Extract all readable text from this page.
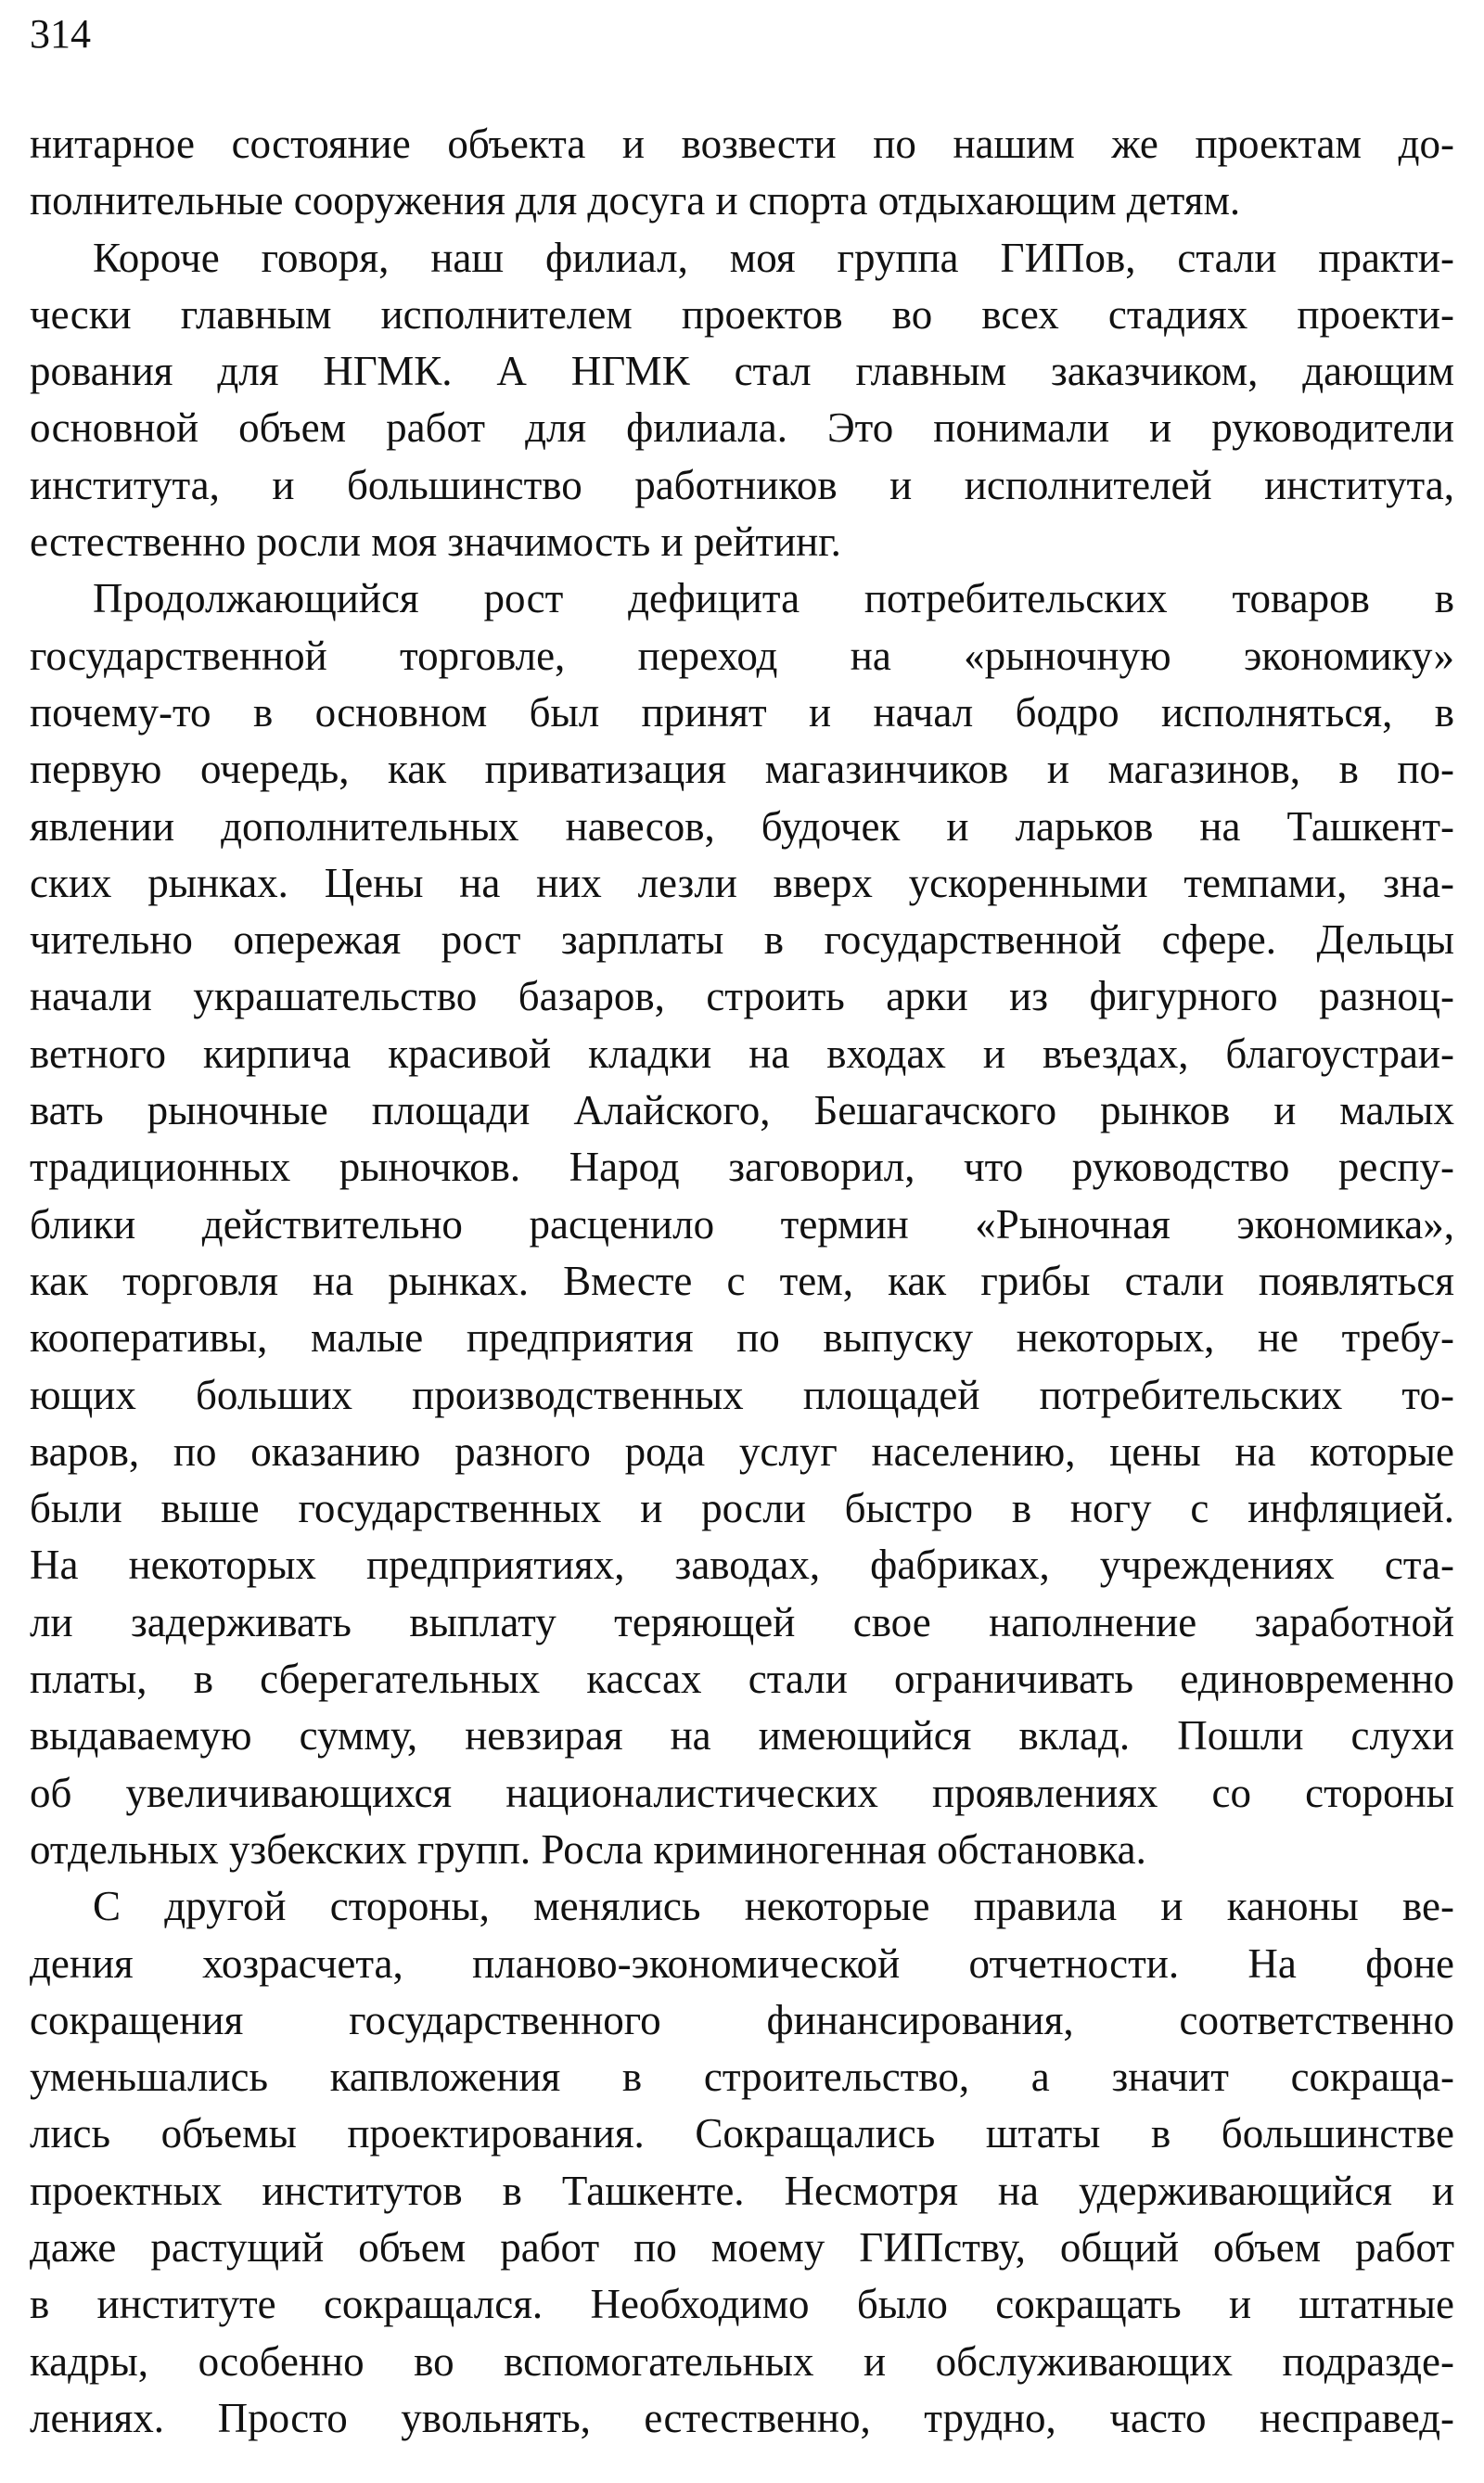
314
нитарное состояние объекта и возвести по нашим же проектам до-
полнительные сооружения для досуга и спорта отдыхающим детям.
Короче говоря, наш филиал, моя группа ГИПов, стали практи-
чески главным исполнителем проектов во всех стадиях проекти-
рования для НГМК. А НГМК стал главным заказчиком, дающим
основной объем работ для филиала. Это понимали и руководители
института, и большинство работников и исполнителей института,
естественно росли моя значимость и рейтинг.
Продолжающийся рост дефицита потребительских товаров в
государственной торговле, переход на «рыночную экономику»
почему-то в основном был принят и начал бодро исполняться, в
первую очередь, как приватизация магазинчиков и магазинов, в по-
явлении дополнительных навесов, будочек и ларьков на Ташкент-
ских рынках. Цены на них лезли вверх ускоренными темпами, зна-
чительно опережая рост зарплаты в государственной сфере. Дельцы
начали украшательство базаров, строить арки из фигурного разноц-
ветного кирпича красивой кладки на входах и въездах, благоустраи-
вать рыночные площади Алайского, Бешагачского рынков и малых
традиционных рыночков. Народ заговорил, что руководство респу-
блики действительно расценило термин «Рыночная экономика»,
как торговля на рынках. Вместе с тем, как грибы стали появляться
кооперативы, малые предприятия по выпуску некоторых, не требу-
ющих больших производственных площадей потребительских то-
варов, по оказанию разного рода услуг населению, цены на которые
были выше государственных и росли быстро в ногу с инфляцией.
На некоторых предприятиях, заводах, фабриках, учреждениях ста-
ли задерживать выплату теряющей свое наполнение заработной
платы, в сберегательных кассах стали ограничивать единовременно
выдаваемую сумму, невзирая на имеющийся вклад. Пошли слухи
об увеличивающихся националистических проявлениях со стороны
отдельных узбекских групп. Росла криминогенная обстановка.
С другой стороны, менялись некоторые правила и каноны ве-
дения хозрасчета, планово-экономической отчетности. На фоне
сокращения государственного финансирования, соответственно
уменьшались капвложения в строительство, а значит сокраща-
лись объемы проектирования. Сокращались штаты в большинстве
проектных институтов в Ташкенте. Несмотря на удерживающийся и
даже растущий объем работ по моему ГИПству, общий объем работ
в институте сокращался. Необходимо было сокращать и штатные
кадры, особенно во вспомогательных и обслуживающих подразде-
лениях. Просто увольнять, естественно, трудно, часто несправед-
